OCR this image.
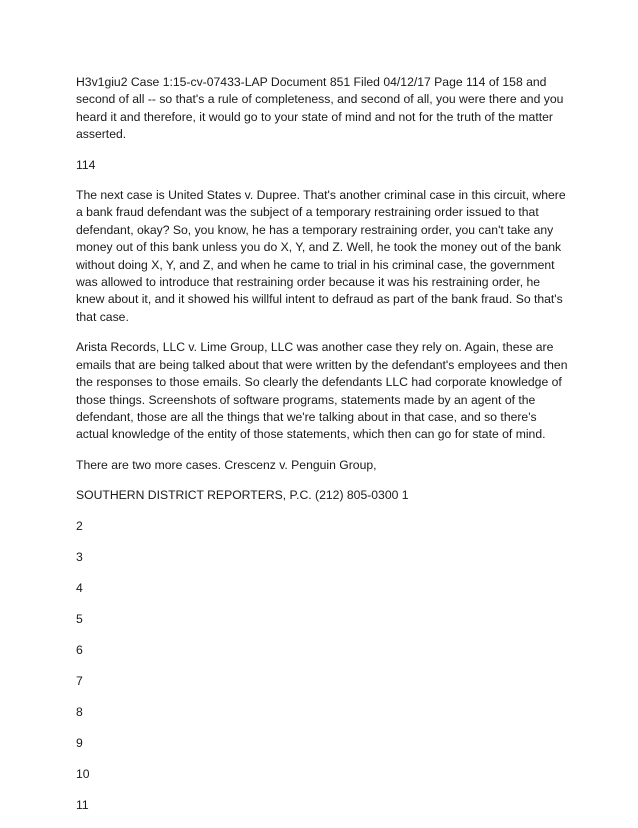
H3v1giu2 Case 1:15-cv-07433-LAP Document 851 Filed 04/12/17 Page 114 of 158 and second of all -- so that's a rule of completeness, and second of all, you were there and you heard it and therefore, it would go to your state of mind and not for the truth of the matter asserted.

114

The next case is United States v. Dupree. That's another criminal case in this circuit, where a bank fraud defendant was the subject of a temporary restraining order issued to that defendant, okay? So, you know, he has a temporary restraining order, you can't take any money out of this bank unless you do X, Y, and Z. Well, he took the money out of the bank without doing X, Y, and Z, and when he came to trial in his criminal case, the government was allowed to introduce that restraining order because it was his restraining order, he knew about it, and it showed his willful intent to defraud as part of the bank fraud. So that's that case.

Arista Records, LLC v. Lime Group, LLC was another case they rely on. Again, these are emails that are being talked about that were written by the defendant's employees and then the responses to those emails. So clearly the defendants LLC had corporate knowledge of those things. Screenshots of software programs, statements made by an agent of the defendant, those are all the things that we're talking about in that case, and so there's actual knowledge of the entity of those statements, which then can go for state of mind.

There are two more cases. Crescenz v. Penguin Group,

SOUTHERN DISTRICT REPORTERS, P.C. (212) 805-0300 1

2

3

4

5

6

7

8

9

10

11
